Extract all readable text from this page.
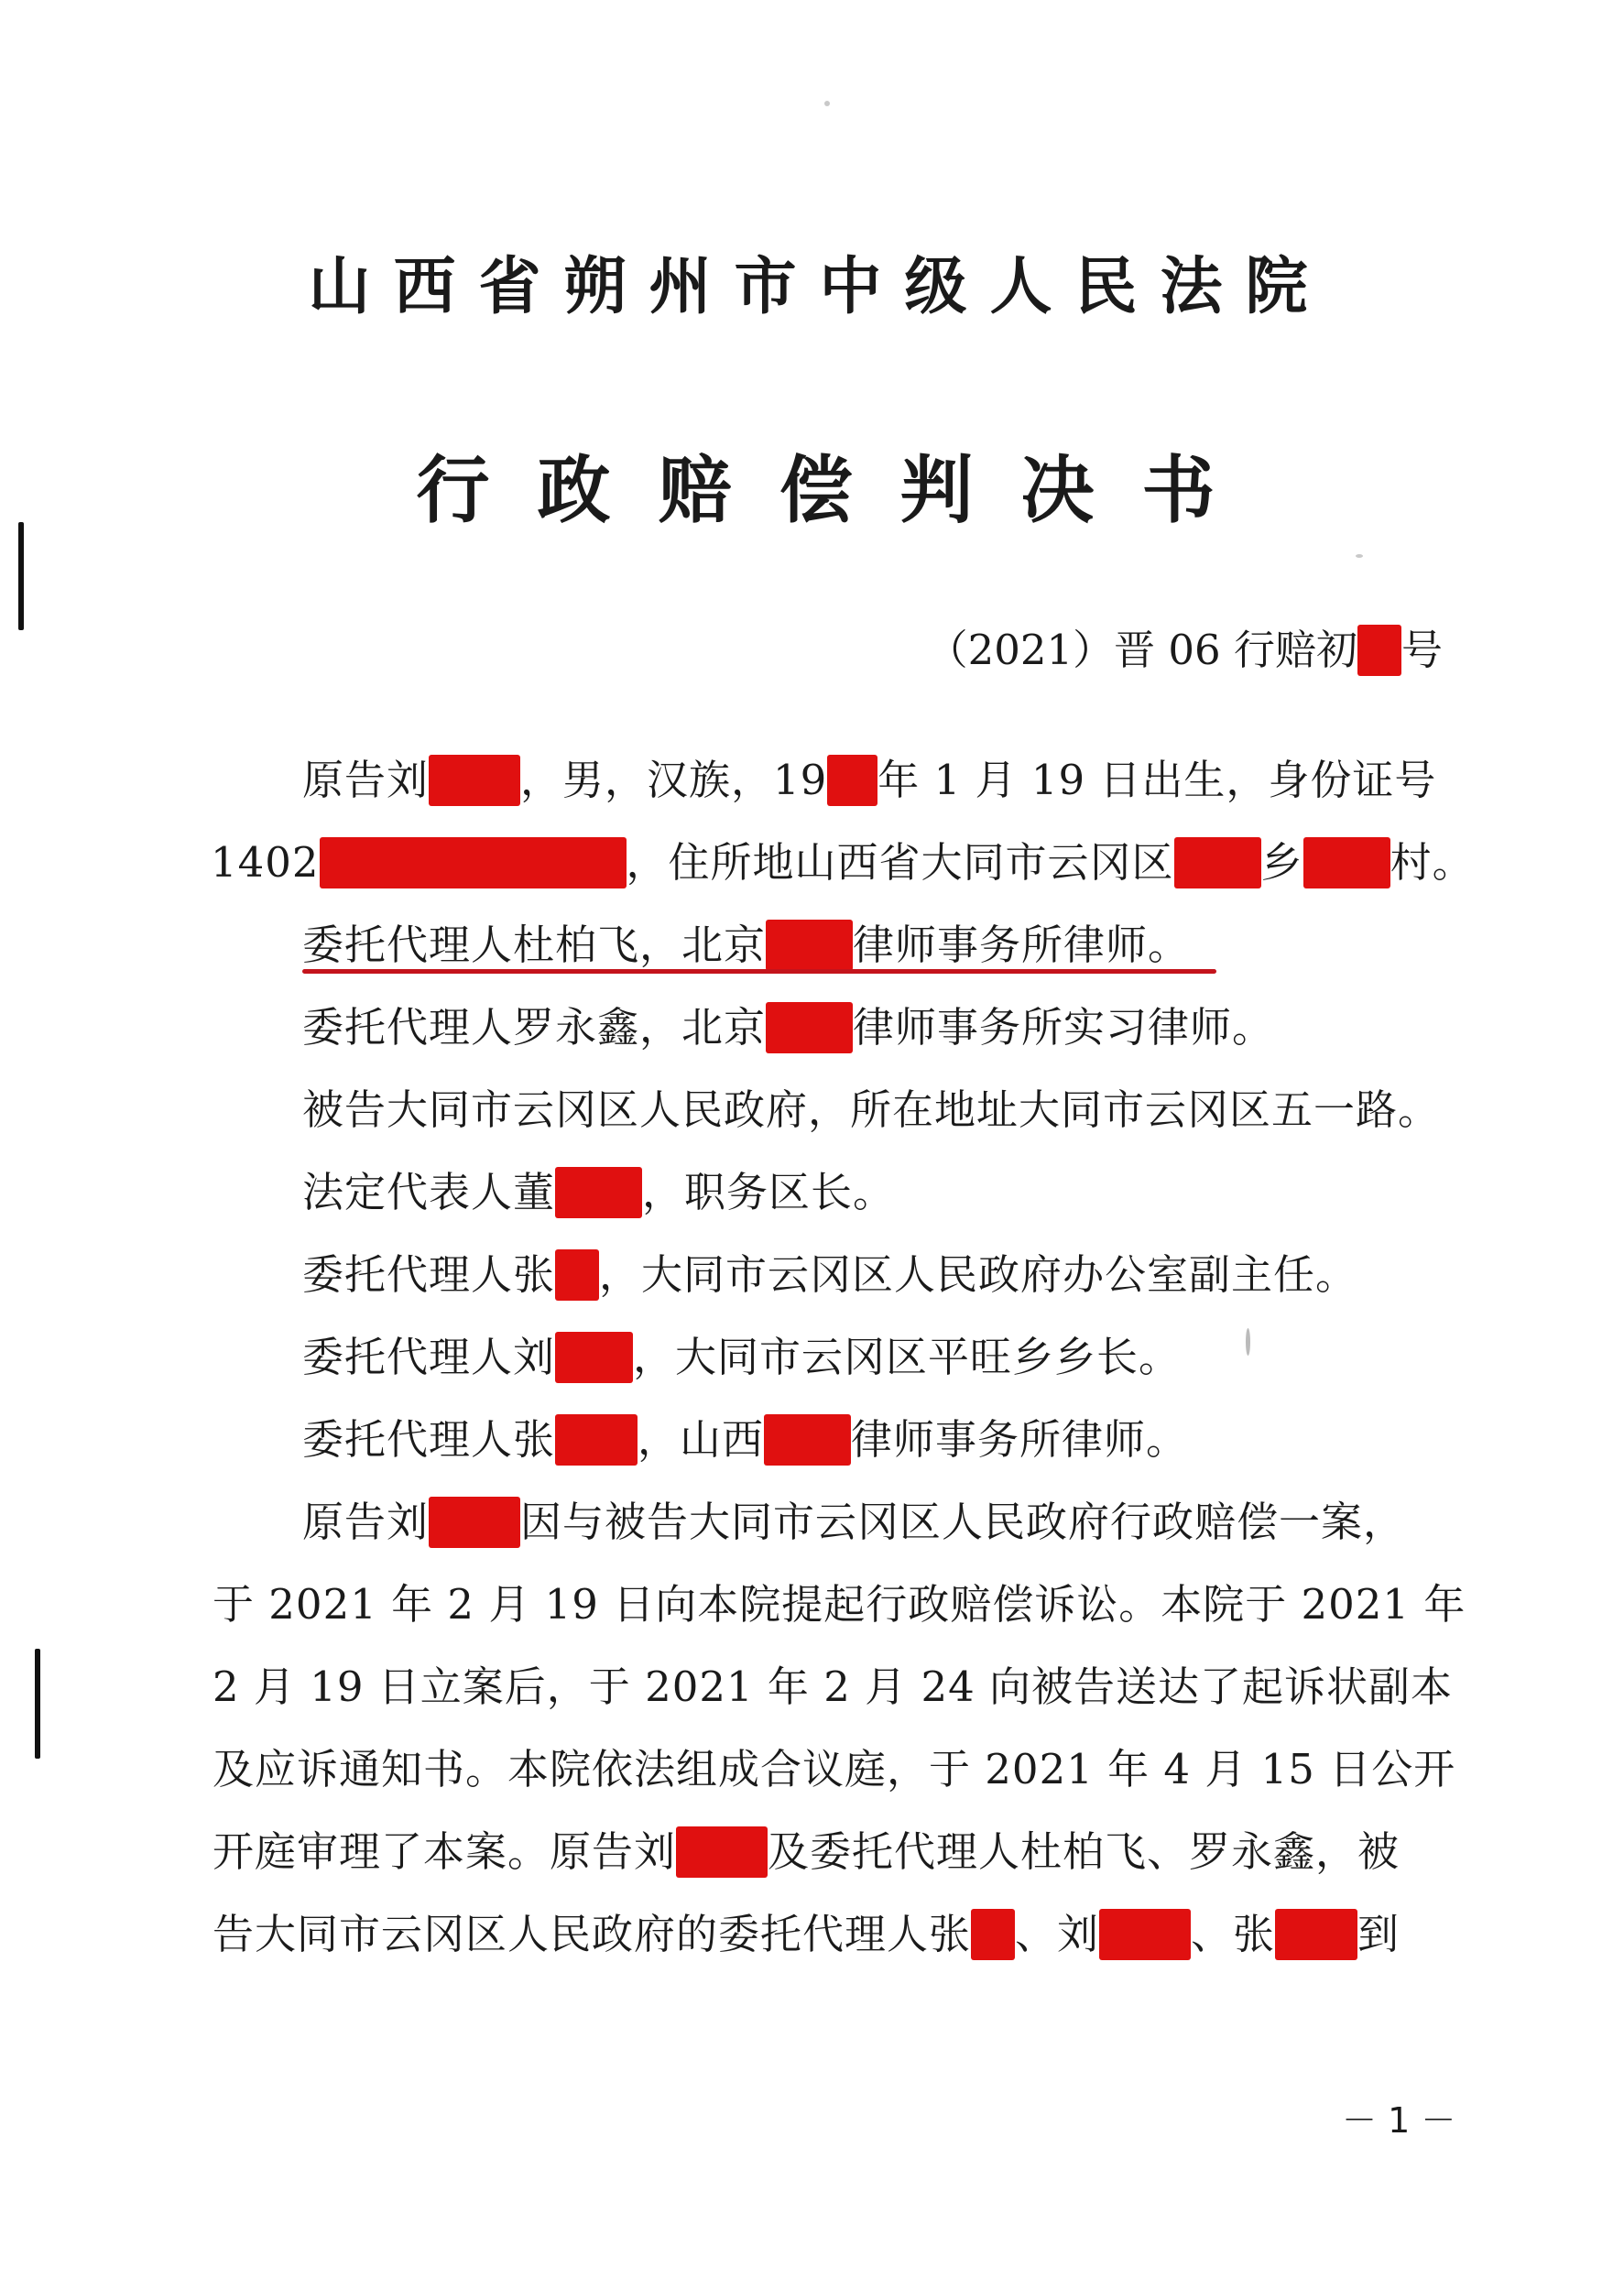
山西省朔州市中级人民法院
行政赔偿判决书
（2021）晋 06 行赔初 号
原告刘 ，男，汉族，19 年 1 月 19 日出生，身份证号
1402	，住所地山西省大同市云冈区 乡 村。
委托代理人杜柏飞，北京 律师事务所律师。
委托代理人罗永鑫，北京 律师事务所实习律师。
被告大同市云冈区人民政府，所在地址大同市云冈区五一路。
法定代表人董 ，职务区长。
委托代理人张 ，大同市云冈区人民政府办公室副主任。
委托代理人刘 ，大同市云冈区平旺乡乡长。
委托代理人张 ，山西 律师事务所律师。
原告刘 因与被告大同市云冈区人民政府行政赔偿一案，
于 2021 年 2 月 19 日向本院提起行政赔偿诉讼。本院于 2021 年
2 月 19 日立案后，于 2021 年 2 月 24 向被告送达了起诉状副本
及应诉通知书。本院依法组成合议庭，于 2021 年 4 月 15 日公开
开庭审理了本案。原告刘 及委托代理人杜柏飞、罗永鑫，被
告大同市云冈区人民政府的委托代理人张 、刘 、张 到
－ 1 －
